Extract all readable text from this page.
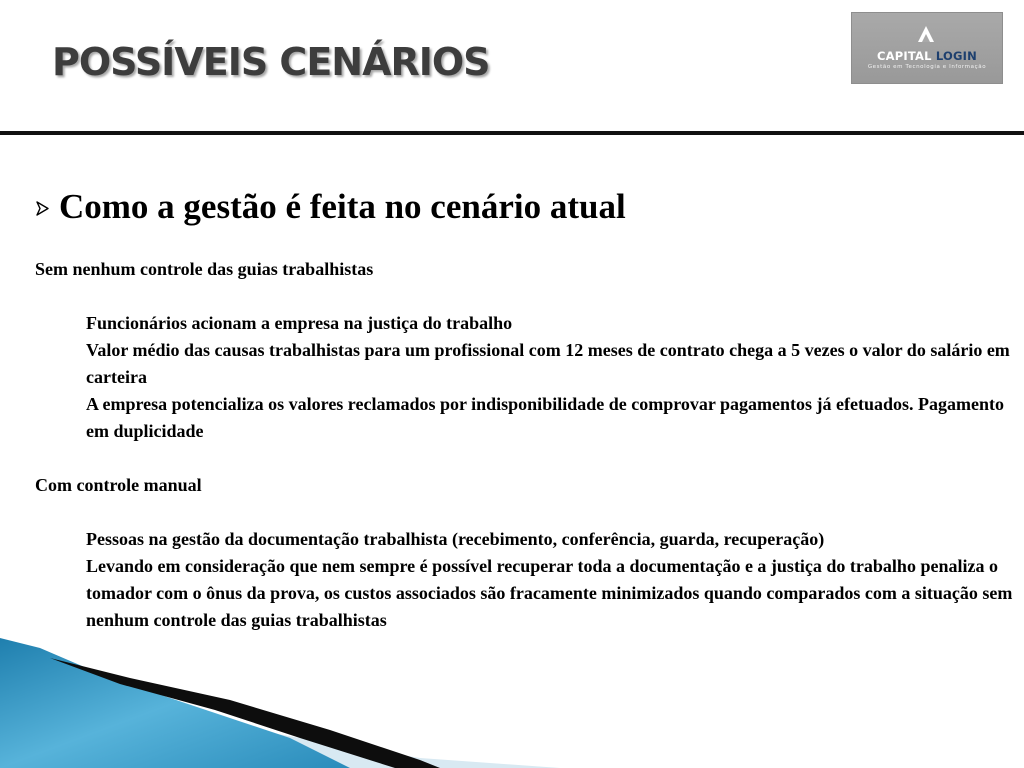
POSSÍVEIS CENÁRIOS	CAPITAL LOGIN
Gestão em Tecnologia e Informação
Como a gestão é feita no cenário atual
Sem nenhum controle das guias trabalhistas
Funcionários acionam a empresa na justiça do trabalho
Valor médio das causas trabalhistas para um profissional com 12 meses de contrato chega a 5 vezes o valor do salário em carteira
A empresa potencializa os valores reclamados por indisponibilidade de comprovar pagamentos já efetuados. Pagamento em duplicidade
Com controle manual
Pessoas na gestão da documentação trabalhista (recebimento, conferência, guarda, recuperação)
Levando em consideração que nem sempre é possível recuperar toda a documentação e a justiça do trabalho penaliza o tomador com o ônus da prova, os custos associados são fracamente minimizados quando comparados com a situação sem nenhum controle das guias trabalhistas
